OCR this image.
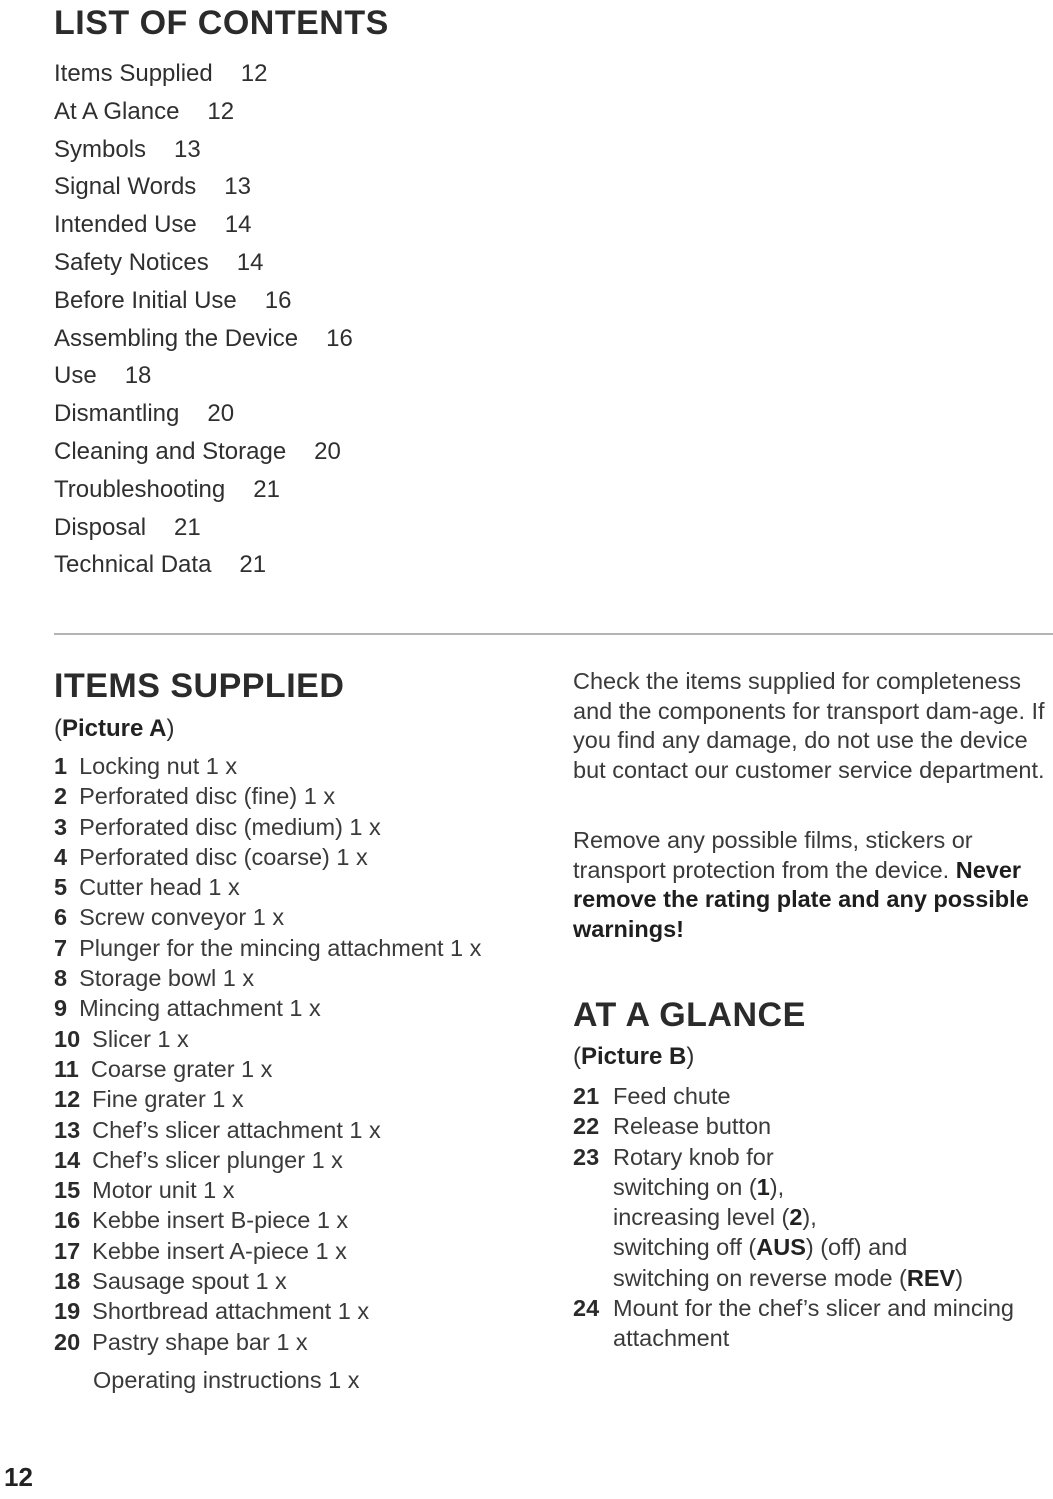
LIST OF CONTENTS
Items Supplied 12
At A Glance 12
Symbols 13
Signal Words 13
Intended Use 14
Safety Notices 14
Before Initial Use 16
Assembling the Device 16
Use 18
Dismantling 20
Cleaning and Storage 20
Troubleshooting 21
Disposal 21
Technical Data 21
ITEMS SUPPLIED
(Picture A)
1 Locking nut 1 x
2 Perforated disc (fine) 1 x
3 Perforated disc (medium) 1 x
4 Perforated disc (coarse) 1 x
5 Cutter head 1 x
6 Screw conveyor 1 x
7 Plunger for the mincing attachment 1 x
8 Storage bowl 1 x
9 Mincing attachment 1 x
10 Slicer 1 x
11 Coarse grater 1 x
12 Fine grater 1 x
13 Chef’s slicer attachment 1 x
14 Chef’s slicer plunger 1 x
15 Motor unit 1 x
16 Kebbe insert B-piece 1 x
17 Kebbe insert A-piece 1 x
18 Sausage spout 1 x
19 Shortbread attachment 1 x
20 Pastry shape bar 1 x
Operating instructions 1 x

Check the items supplied for completeness and the components for transport dam-age. If you find any damage, do not use the device but contact our customer service department.

Remove any possible films, stickers or transport protection from the device. Never remove the rating plate and any possible warnings!

AT A GLANCE
(Picture B)
21 Feed chute
22 Release button
23 Rotary knob for
switching on (1),
increasing level (2),
switching off (AUS) (off) and
switching on reverse mode (REV)
24 Mount for the chef’s slicer and mincing
attachment
12
